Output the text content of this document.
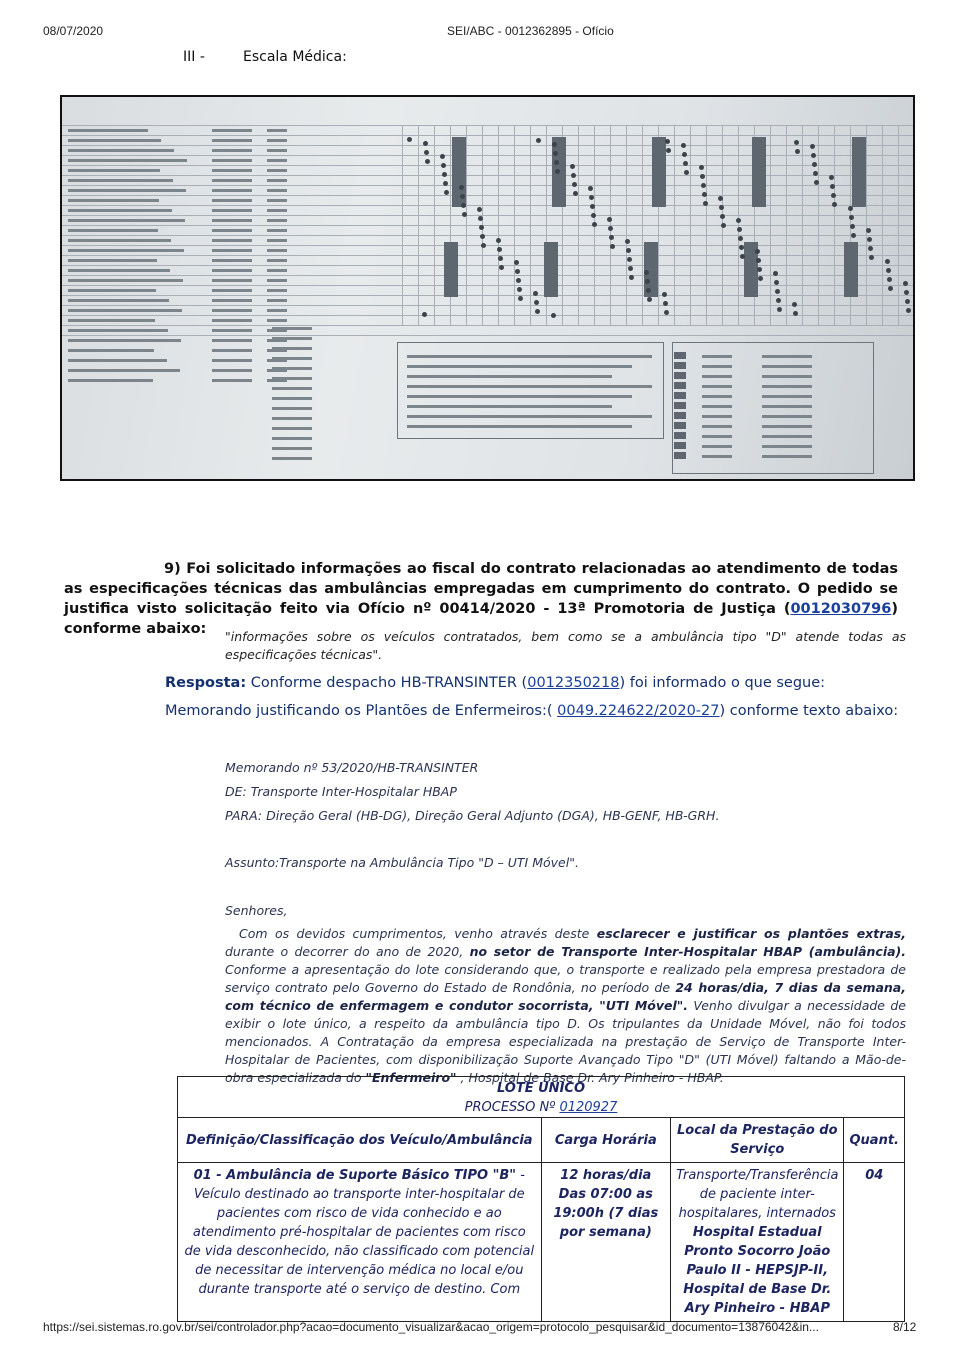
08/07/2020	SEI/ABC - 0012362895 - Ofício
III -	Escala Médica:
9) Foi solicitado informações ao fiscal do contrato relacionadas ao atendimento de todas as especificações técnicas das ambulâncias empregadas em cumprimento do contrato. O pedido se justifica visto solicitação feito via Ofício nº 00414/2020 - 13ª Promotoria de Justiça (0012030796) conforme abaixo:	"informações sobre os veículos contratados, bem como se a ambulância tipo "D" atende todas as especificações técnicas".
Resposta: Conforme despacho HB-TRANSINTER (0012350218) foi informado o que segue:
Memorando justificando os Plantões de Enfermeiros:( 0049.224622/2020-27) conforme texto abaixo:
Memorando nº 53/2020/HB-TRANSINTER
DE: Transporte Inter-Hospitalar HBAP
PARA: Direção Geral (HB-DG), Direção Geral Adjunto (DGA), HB-GENF, HB-GRH.
Assunto:Transporte na Ambulância Tipo "D – UTI Móvel".
Senhores,
Com os devidos cumprimentos, venho através deste esclarecer e justificar os plantões extras, durante o decorrer do ano de 2020, no setor de Transporte Inter-Hospitalar HBAP (ambulância). Conforme a apresentação do lote considerando que, o transporte e realizado pela empresa prestadora de serviço contrato pelo Governo do Estado de Rondônia, no período de 24 horas/dia, 7 dias da semana, com técnico de enfermagem e condutor socorrista, "UTI Móvel". Venho divulgar a necessidade de exibir o lote único, a respeito da ambulância tipo D. Os tripulantes da Unidade Móvel, não foi todos mencionados. A Contratação da empresa especializada na prestação de Serviço de Transporte Inter-Hospitalar de Pacientes, com disponibilização Suporte Avançado Tipo "D" (UTI Móvel) faltando a Mão-de-obra especializada do "Enfermeiro" , Hospital de Base Dr. Ary Pinheiro - HBAP.
LOTE ÚNICO
PROCESSO Nº 0120927			

Definição/Classificação dos Veículo/Ambulância	Carga Horária	Local da Prestação do Serviço	Quant.
01 - Ambulância de Suporte Básico TIPO "B" - Veículo destinado ao transporte inter-hospitalar de pacientes com risco de vida conhecido e ao atendimento pré-hospitalar de pacientes com risco de vida desconhecido, não classificado com potencial de necessitar de intervenção médica no local e/ou durante transporte até o serviço de destino. Com	12 horas/dia Das 07:00 as 19:00h (7 dias por semana)	Transporte/Transferência de paciente inter-hospitalares, internados Hospital Estadual Pronto Socorro João Paulo II - HEPSJP-II, Hospital de Base Dr. Ary Pinheiro - HBAP	04
https://sei.sistemas.ro.gov.br/sei/controlador.php?acao=documento_visualizar&acao_origem=protocolo_pesquisar&id_documento=13876042&in...	8/12
